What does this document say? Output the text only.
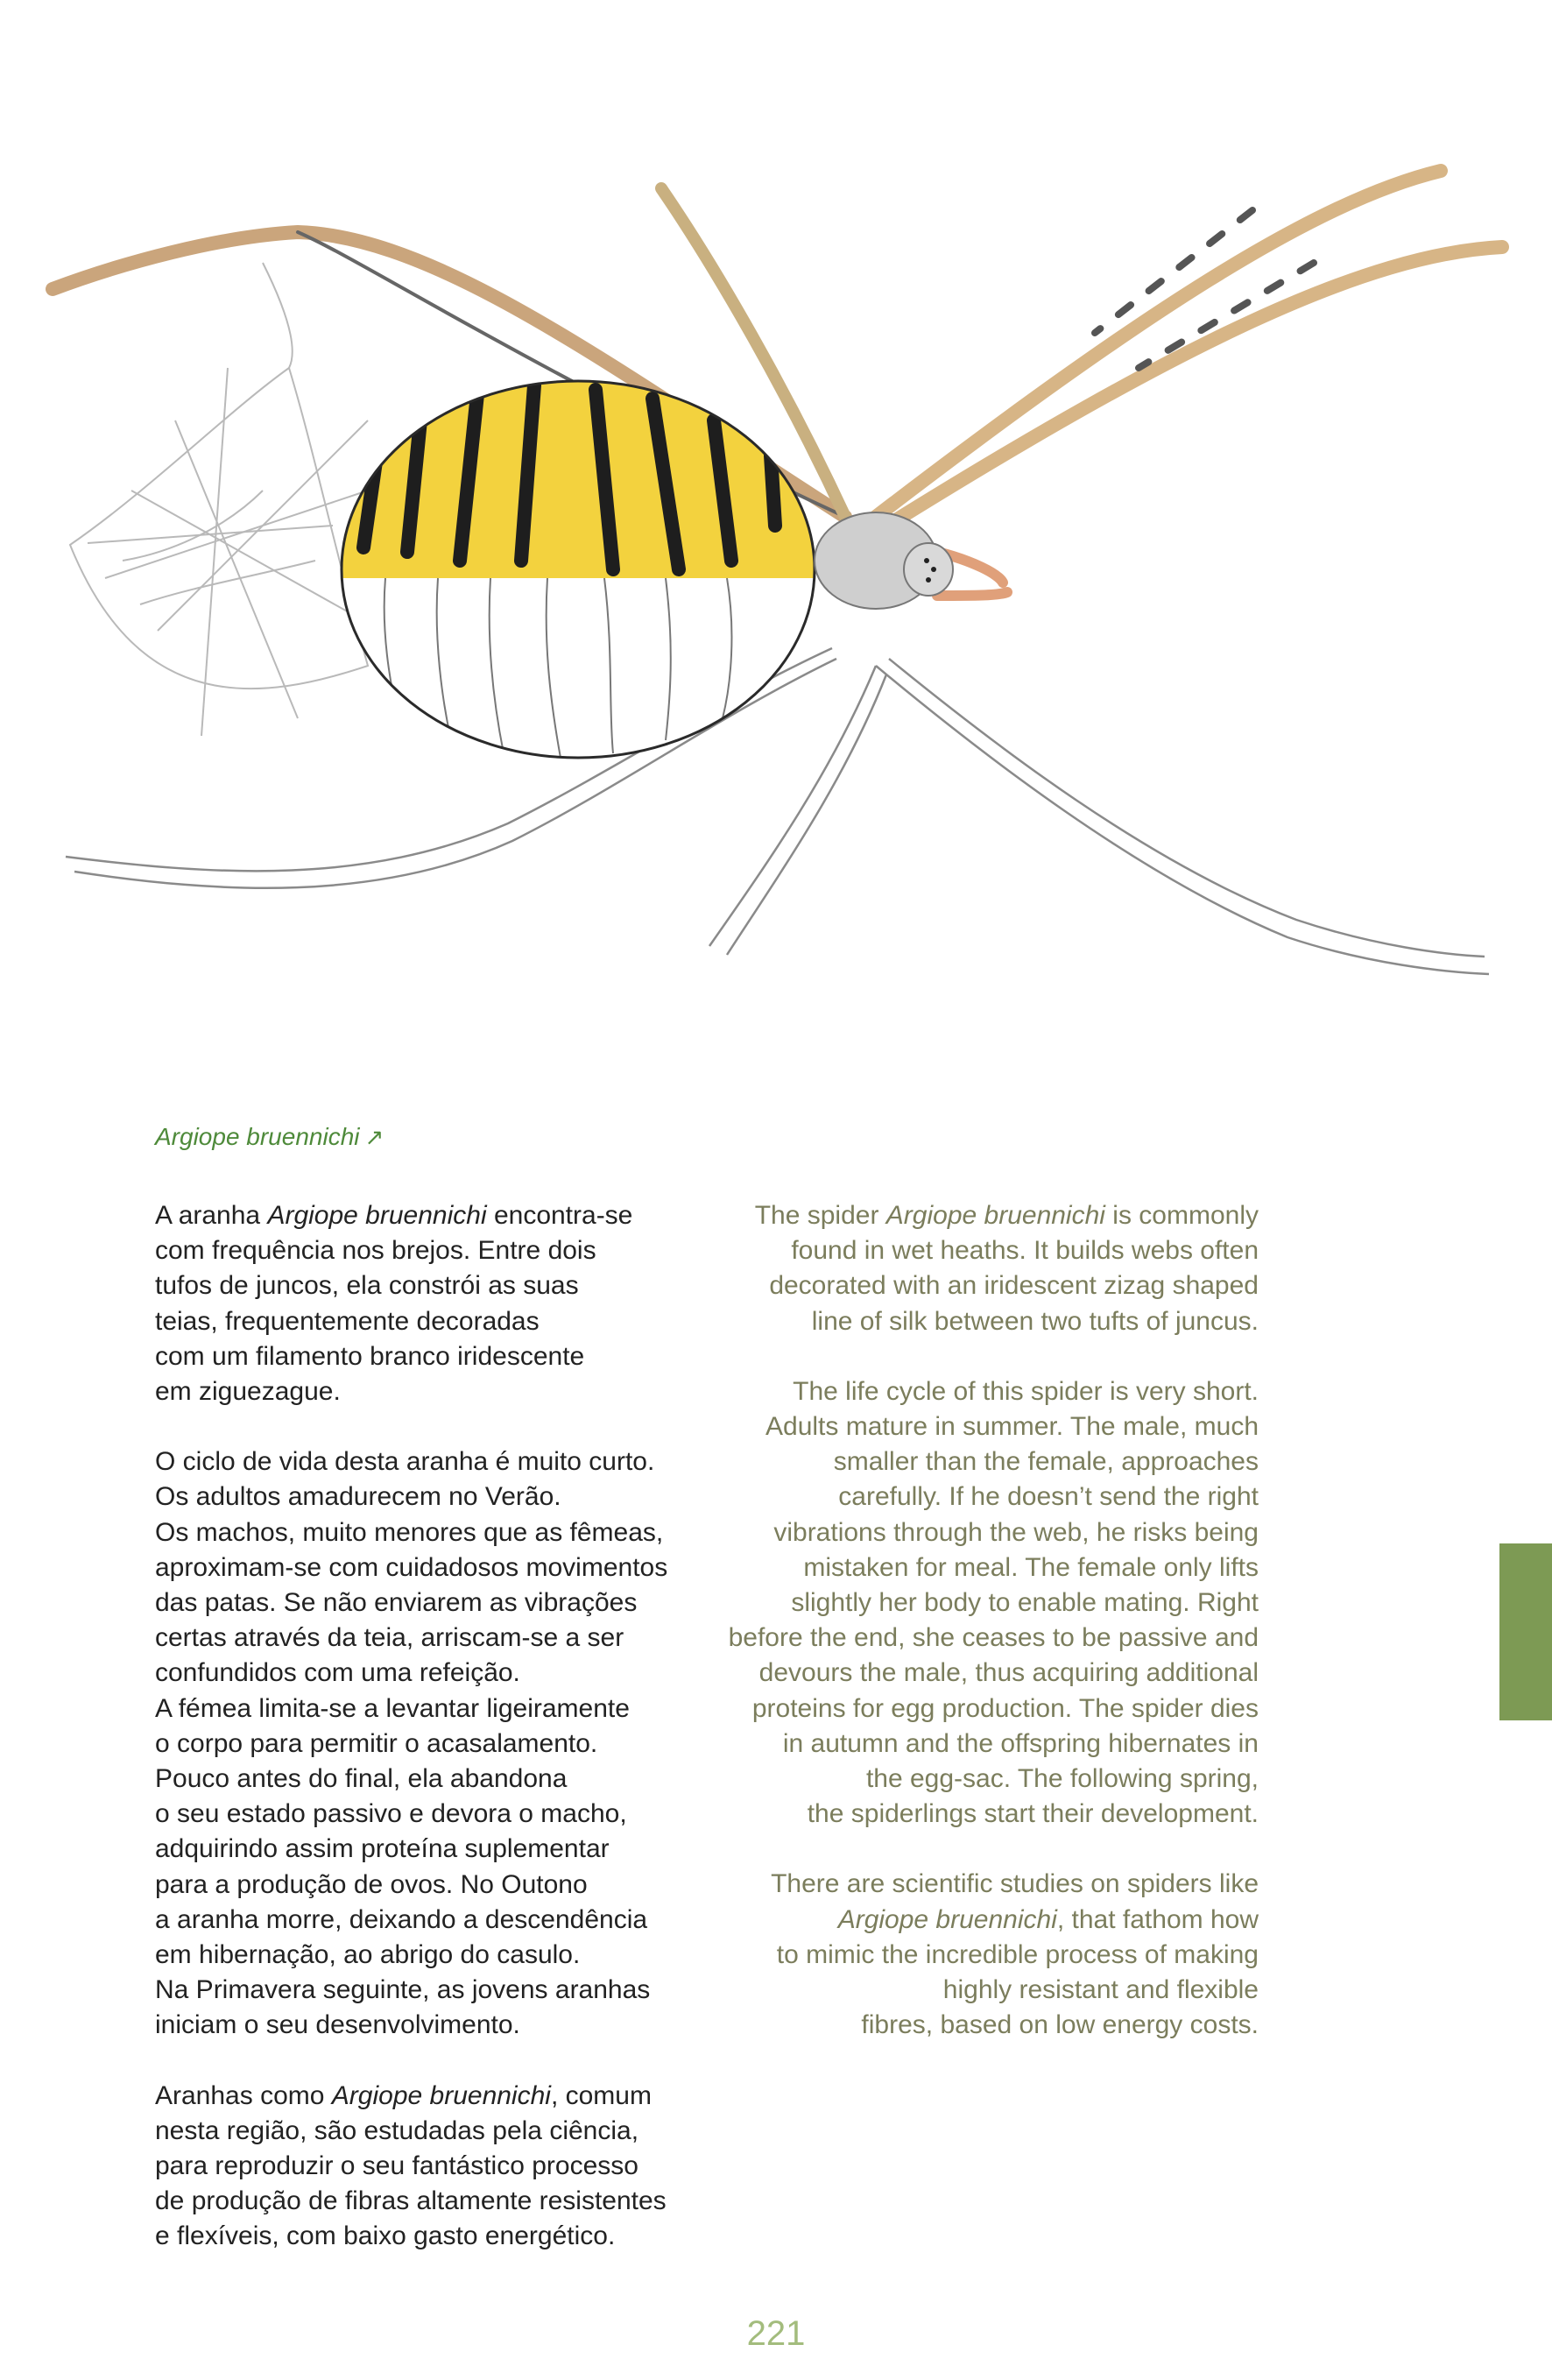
Argiope bruennichi ↗

A aranha Argiope bruennichi encontra-se
com frequência nos brejos. Entre dois
tufos de juncos, ela constrói as suas
teias, frequentemente decoradas
com um filamento branco iridescente
em ziguezague.

O ciclo de vida desta aranha é muito curto.
Os adultos amadurecem no Verão.
Os machos, muito menores que as fêmeas,
aproximam-se com cuidadosos movimentos
das patas. Se não enviarem as vibrações
certas através da teia, arriscam-se a ser
confundidos com uma refeição.
A fémea limita-se a levantar ligeiramente
o corpo para permitir o acasalamento.
Pouco antes do final, ela abandona
o seu estado passivo e devora o macho,
adquirindo assim proteína suplementar
para a produção de ovos. No Outono
a aranha morre, deixando a descendência
em hibernação, ao abrigo do casulo.
Na Primavera seguinte, as jovens aranhas
iniciam o seu desenvolvimento.

Aranhas como Argiope bruennichi, comum
nesta região, são estudadas pela ciência,
para reproduzir o seu fantástico processo
de produção de fibras altamente resistentes
e flexíveis, com baixo gasto energético.

The spider Argiope bruennichi is commonly
found in wet heaths. It builds webs often
decorated with an iridescent zizag shaped
line of silk between two tufts of juncus.

The life cycle of this spider is very short.
Adults mature in summer. The male, much
smaller than the female, approaches
carefully. If he doesn’t send the right
vibrations through the web, he risks being
mistaken for meal. The female only lifts
slightly her body to enable mating. Right
before the end, she ceases to be passive and
devours the male, thus acquiring additional
proteins for egg production. The spider dies
in autumn and the offspring hibernates in
the egg-sac. The following spring,
the spiderlings start their development.

There are scientific studies on spiders like
Argiope bruennichi, that fathom how
to mimic the incredible process of making
highly resistant and flexible
fibres, based on low energy costs.

221
